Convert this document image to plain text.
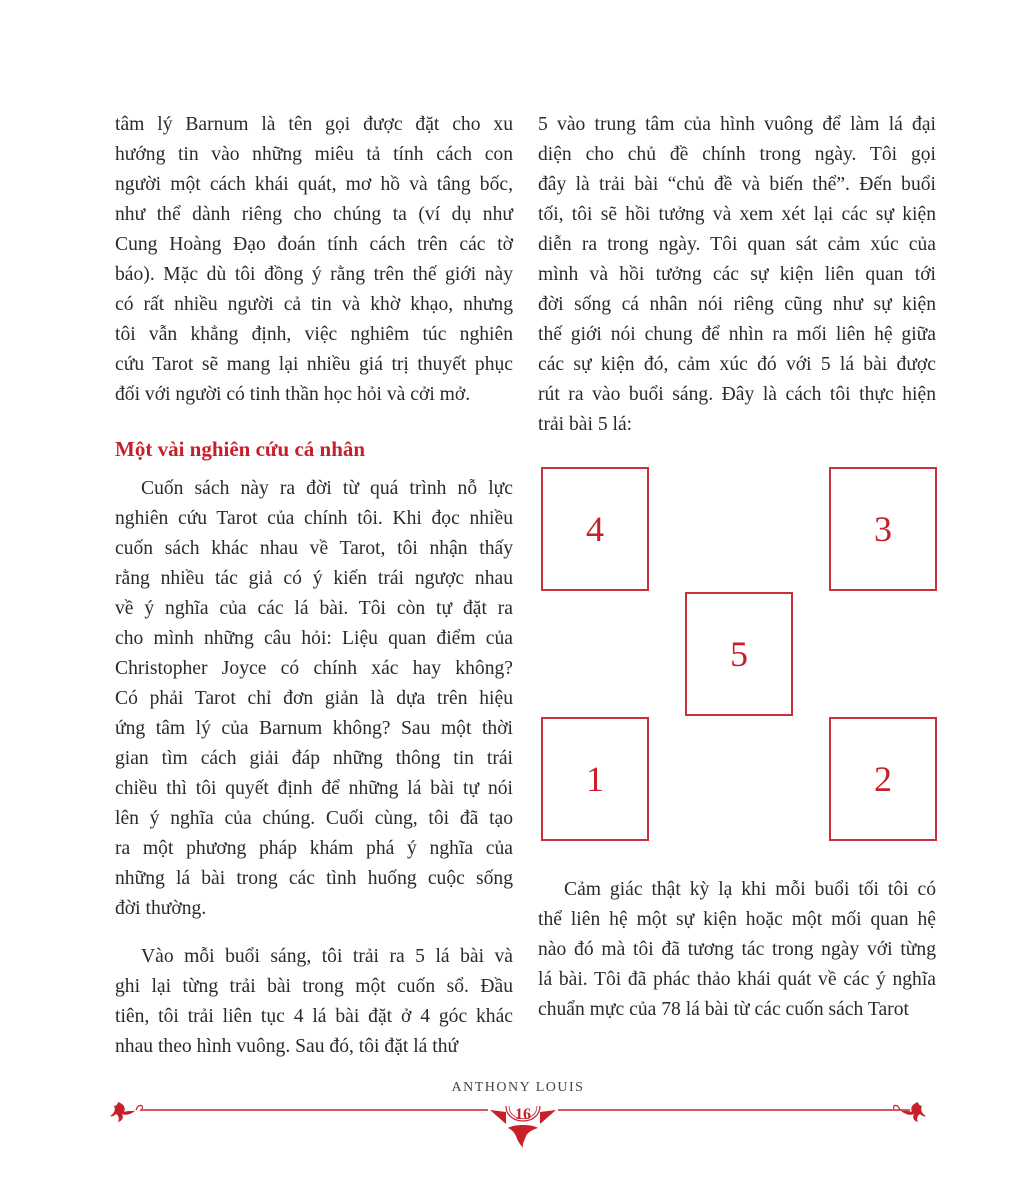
tâm lý Barnum là tên gọi được đặt cho xu
hướng tin vào những miêu tả tính cách con
người một cách khái quát, mơ hồ và tâng bốc,
như thể dành riêng cho chúng ta (ví dụ như
Cung Hoàng Đạo đoán tính cách trên các tờ
báo). Mặc dù tôi đồng ý rằng trên thế giới này
có rất nhiều người cả tin và khờ khạo, nhưng
tôi vẫn khẳng định, việc nghiêm túc nghiên
cứu Tarot sẽ mang lại nhiều giá trị thuyết phục
đối với người có tinh thần học hỏi và cởi mở.
Một vài nghiên cứu cá nhân
Cuốn sách này ra đời từ quá trình nỗ lực
nghiên cứu Tarot của chính tôi. Khi đọc nhiều
cuốn sách khác nhau về Tarot, tôi nhận thấy
rằng nhiều tác giả có ý kiến trái ngược nhau
về ý nghĩa của các lá bài. Tôi còn tự đặt ra
cho mình những câu hỏi: Liệu quan điểm của
Christopher Joyce có chính xác hay không?
Có phải Tarot chỉ đơn giản là dựa trên hiệu
ứng tâm lý của Barnum không? Sau một thời
gian tìm cách giải đáp những thông tin trái
chiều thì tôi quyết định để những lá bài tự nói
lên ý nghĩa của chúng. Cuối cùng, tôi đã tạo
ra một phương pháp khám phá ý nghĩa của
những lá bài trong các tình huống cuộc sống
đời thường.
Vào mỗi buổi sáng, tôi trải ra 5 lá bài và
ghi lại từng trải bài trong một cuốn sổ. Đầu
tiên, tôi trải liên tục 4 lá bài đặt ở 4 góc khác
nhau theo hình vuông. Sau đó, tôi đặt lá thứ
5 vào trung tâm của hình vuông để làm lá đại
diện cho chủ đề chính trong ngày. Tôi gọi
đây là trải bài “chủ đề và biến thể”. Đến buổi
tối, tôi sẽ hồi tưởng và xem xét lại các sự kiện
diễn ra trong ngày. Tôi quan sát cảm xúc của
mình và hồi tưởng các sự kiện liên quan tới
đời sống cá nhân nói riêng cũng như sự kiện
thế giới nói chung để nhìn ra mối liên hệ giữa
các sự kiện đó, cảm xúc đó với 5 lá bài được
rút ra vào buổi sáng. Đây là cách tôi thực hiện
trải bài 5 lá:
Cảm giác thật kỳ lạ khi mỗi buổi tối tôi có
thể liên hệ một sự kiện hoặc một mối quan hệ
nào đó mà tôi đã tương tác trong ngày với từng
lá bài. Tôi đã phác thảo khái quát về các ý nghĩa
chuẩn mực của 78 lá bài từ các cuốn sách Tarot
4	3
5
1	2
ANTHONY LOUIS
16
